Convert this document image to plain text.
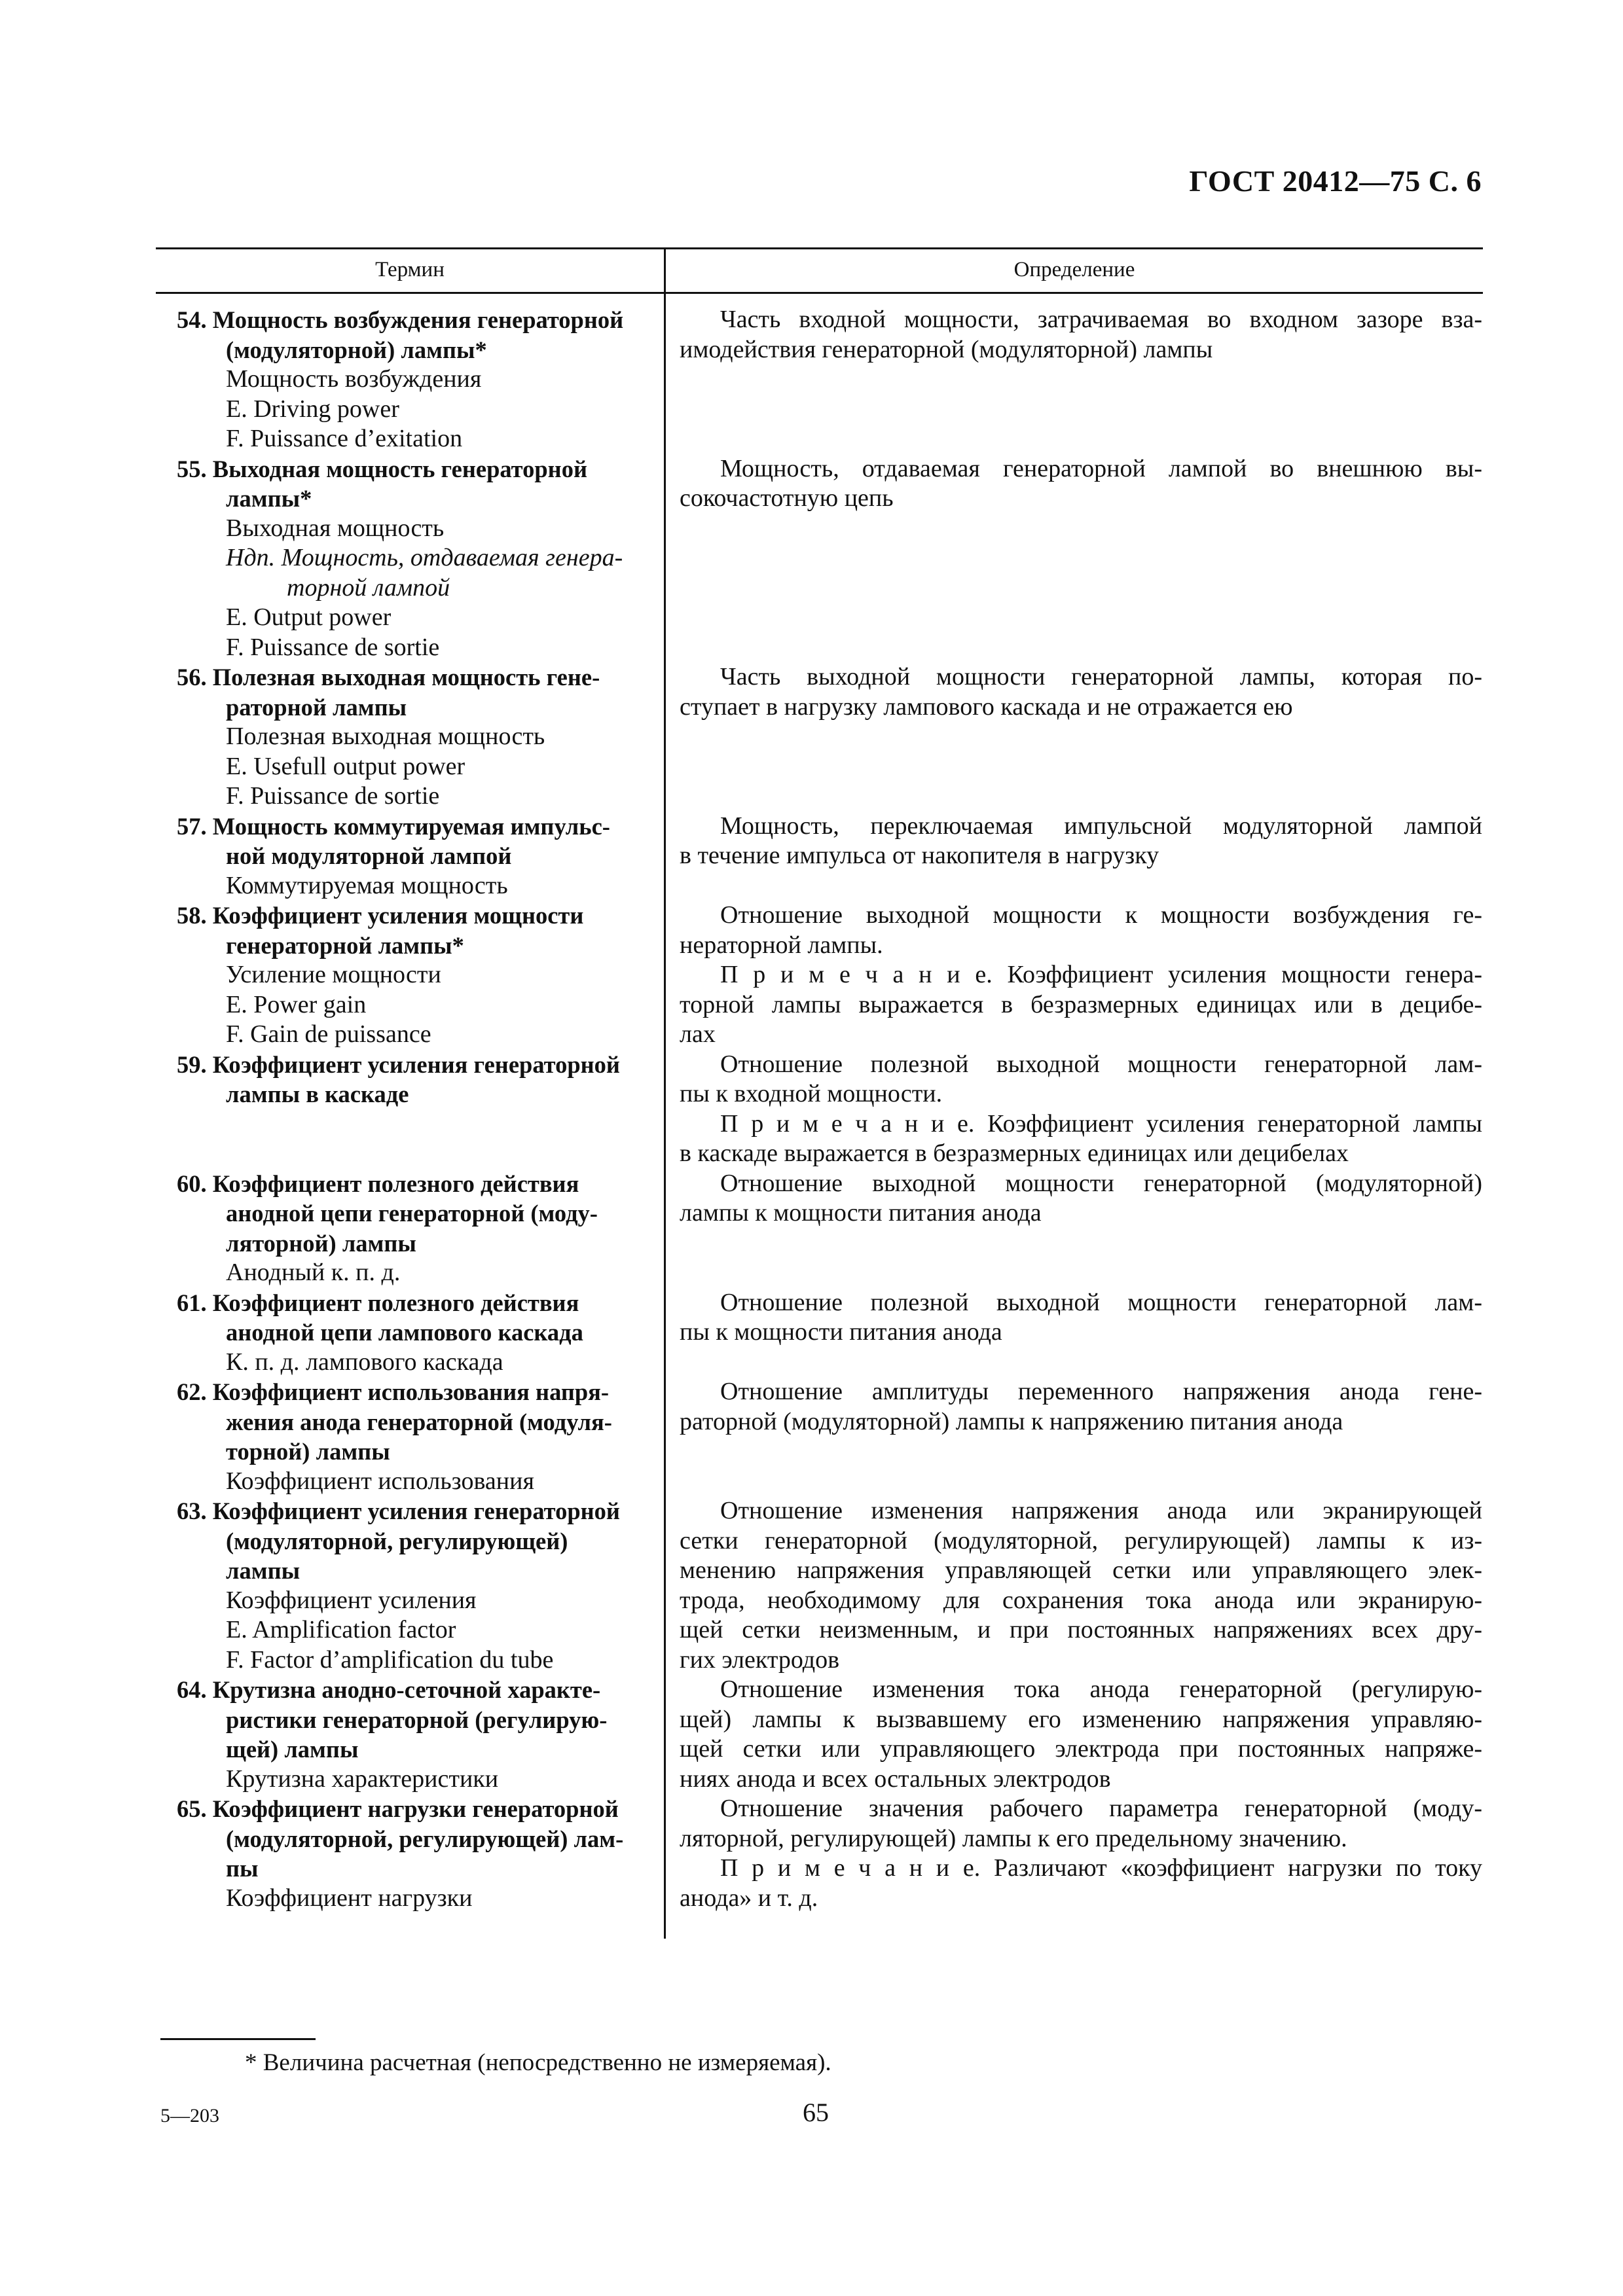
ГОСТ 20412—75 С. 6
Термин	Определение
54. Мощность возбуждения генераторной
(модуляторной) лампы*
Мощность возбуждения
E. Driving power
F. Puissance d’exitation
55. Выходная мощность генераторной
лампы*
Выходная мощность
Ндп. Мощность, отдаваемая генера-
торной лампой
E. Output power
F. Puissance de sortie
56. Полезная выходная мощность гене-
раторной лампы
Полезная выходная мощность
E. Usefull output power
F. Puissance de sortie
57. Мощность коммутируемая импульс-
ной модуляторной лампой
Коммутируемая мощность
58. Коэффициент усиления мощности
генераторной лампы*
Усиление мощности
E. Power gain
F. Gain de puissance
59. Коэффициент усиления генераторной
лампы в каскаде
60. Коэффициент полезного действия
анодной цепи генераторной (моду-
ляторной) лампы
Анодный к. п. д.
61. Коэффициент полезного действия
анодной цепи лампового каскада
К. п. д. лампового каскада
62. Коэффициент использования напря-
жения анода генераторной (модуля-
торной) лампы
Коэффициент использования
63. Коэффициент усиления генераторной
(модуляторной, регулирующей)
лампы
Коэффициент усиления
E. Amplification factor
F. Factor d’amplification du tube
64. Крутизна анодно-сеточной характе-
ристики генераторной (регулирую-
щей) лампы
Крутизна характеристики
65. Коэффициент нагрузки генераторной
(модуляторной, регулирующей) лам-
пы
Коэффициент нагрузки
Часть входной мощности, затрачиваемая во входном зазоре вза-
имодействия генераторной (модуляторной) лампы
Мощность, отдаваемая генераторной лампой во внешнюю вы-
сокочастотную цепь
Часть выходной мощности генераторной лампы, которая по-
ступает в нагрузку лампового каскада и не отражается ею
Мощность, переключаемая импульсной модуляторной лампой
в течение импульса от накопителя в нагрузку
Отношение выходной мощности к мощности возбуждения ге-
нераторной лампы.
П р и м е ч а н и е. Коэффициент усиления мощности генера-
торной лампы выражается в безразмерных единицах или в децибе-
лах
Отношение полезной выходной мощности генераторной лам-
пы к входной мощности.
П р и м е ч а н и е. Коэффициент усиления генераторной лампы
в каскаде выражается в безразмерных единицах или децибелах
Отношение выходной мощности генераторной (модуляторной)
лампы к мощности питания анода
Отношение полезной выходной мощности генераторной лам-
пы к мощности питания анода
Отношение амплитуды переменного напряжения анода гене-
раторной (модуляторной) лампы к напряжению питания анода
Отношение изменения напряжения анода или экранирующей
сетки генераторной (модуляторной, регулирующей) лампы к из-
менению напряжения управляющей сетки или управляющего элек-
трода, необходимому для сохранения тока анода или экранирую-
щей сетки неизменным, и при постоянных напряжениях всех дру-
гих электродов
Отношение изменения тока анода генераторной (регулирую-
щей) лампы к вызвавшему его изменению напряжения управляю-
щей сетки или управляющего электрода при постоянных напряже-
ниях анода и всех остальных электродов
Отношение значения рабочего параметра генераторной (моду-
ляторной, регулирующей) лампы к его предельному значению.
П р и м е ч а н и е. Различают «коэффициент нагрузки по току
анода» и т. д.
* Величина расчетная (непосредственно не измеряемая).
5—203	65
